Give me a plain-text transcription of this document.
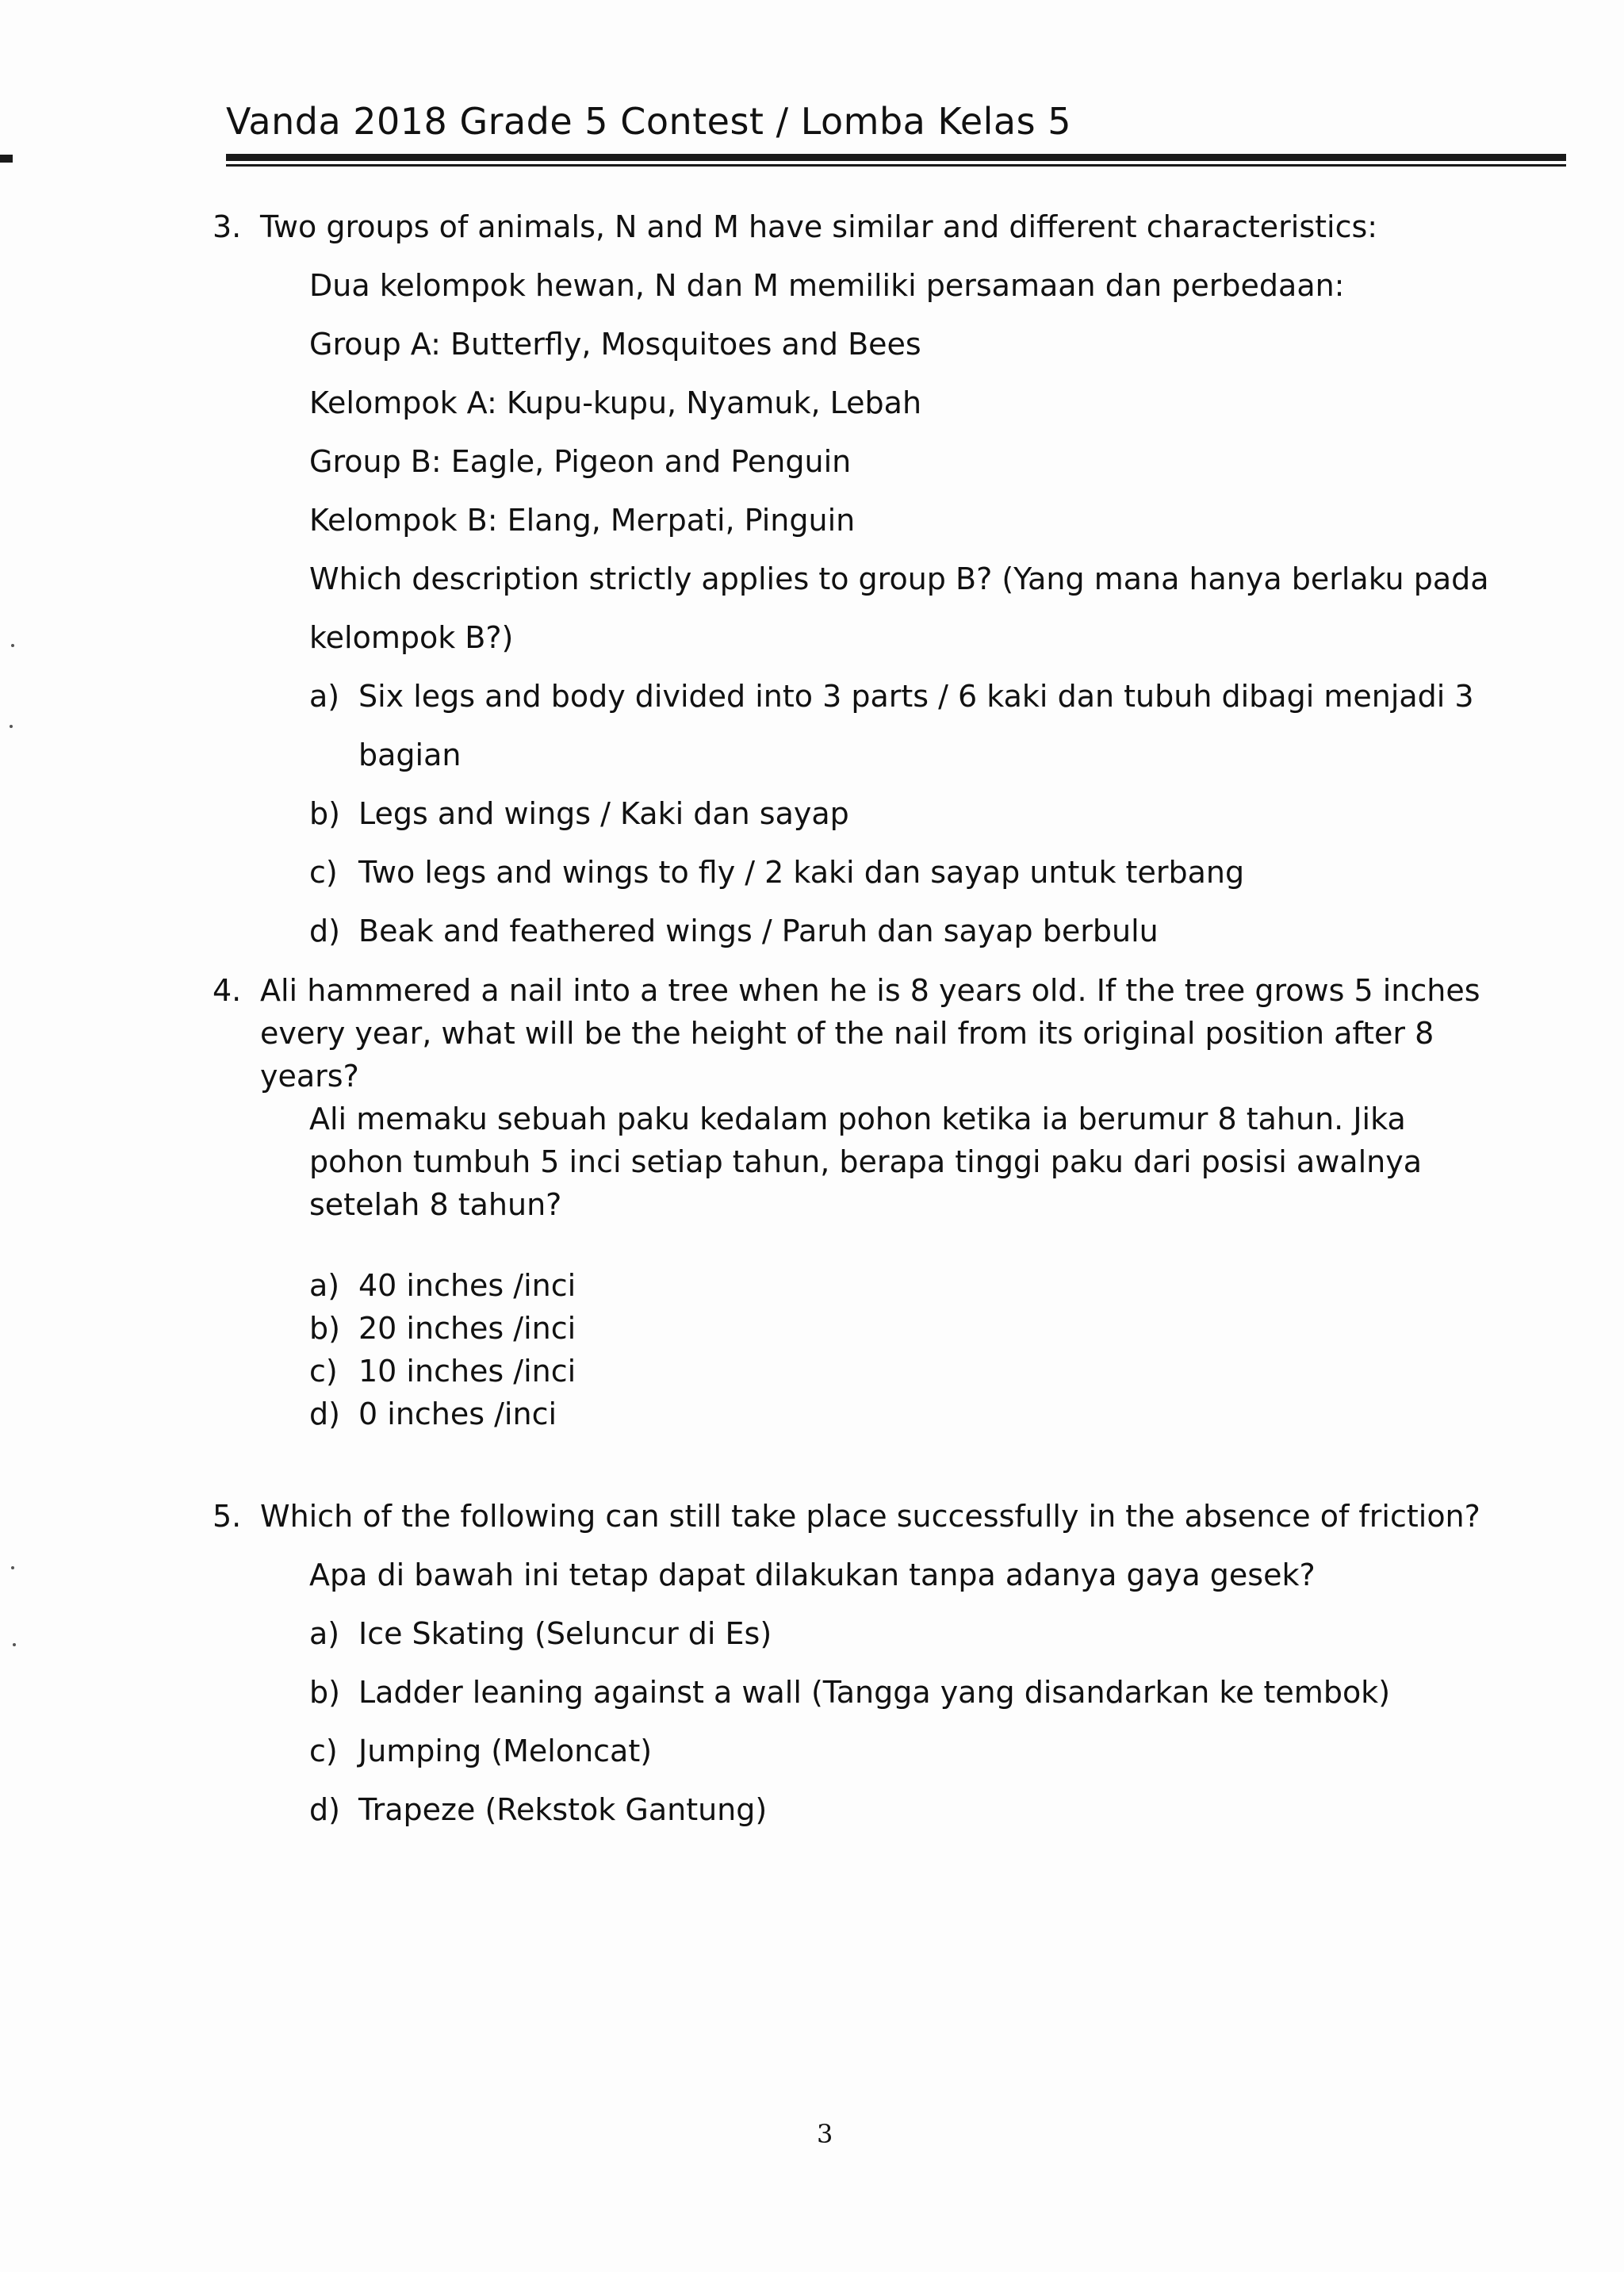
Vanda 2018 Grade 5 Contest / Lomba Kelas 5
3. Two groups of animals, N and M have similar and different characteristics:
Dua kelompok hewan, N dan M memiliki persamaan dan perbedaan:
Group A: Butterfly, Mosquitoes and Bees
Kelompok A: Kupu-kupu, Nyamuk, Lebah
Group B: Eagle, Pigeon and Penguin
Kelompok B: Elang, Merpati, Pinguin
Which description strictly applies to group B? (Yang mana hanya berlaku pada
kelompok B?)
a) Six legs and body divided into 3 parts / 6 kaki dan tubuh dibagi menjadi 3
bagian
b) Legs and wings / Kaki dan sayap
c) Two legs and wings to fly / 2 kaki dan sayap untuk terbang
d) Beak and feathered wings / Paruh dan sayap berbulu
4. Ali hammered a nail into a tree when he is 8 years old. If the tree grows 5 inches
every year, what will be the height of the nail from its original position after 8
years?
Ali memaku sebuah paku kedalam pohon ketika ia berumur 8 tahun. Jika
pohon tumbuh 5 inci setiap tahun, berapa tinggi paku dari posisi awalnya
setelah 8 tahun?
a) 40 inches /inci
b) 20 inches /inci
c) 10 inches /inci
d) 0 inches /inci
5. Which of the following can still take place successfully in the absence of friction?
Apa di bawah ini tetap dapat dilakukan tanpa adanya gaya gesek?
a) Ice Skating (Seluncur di Es)
b) Ladder leaning against a wall (Tangga yang disandarkan ke tembok)
c) Jumping (Meloncat)
d) Trapeze (Rekstok Gantung)
3
